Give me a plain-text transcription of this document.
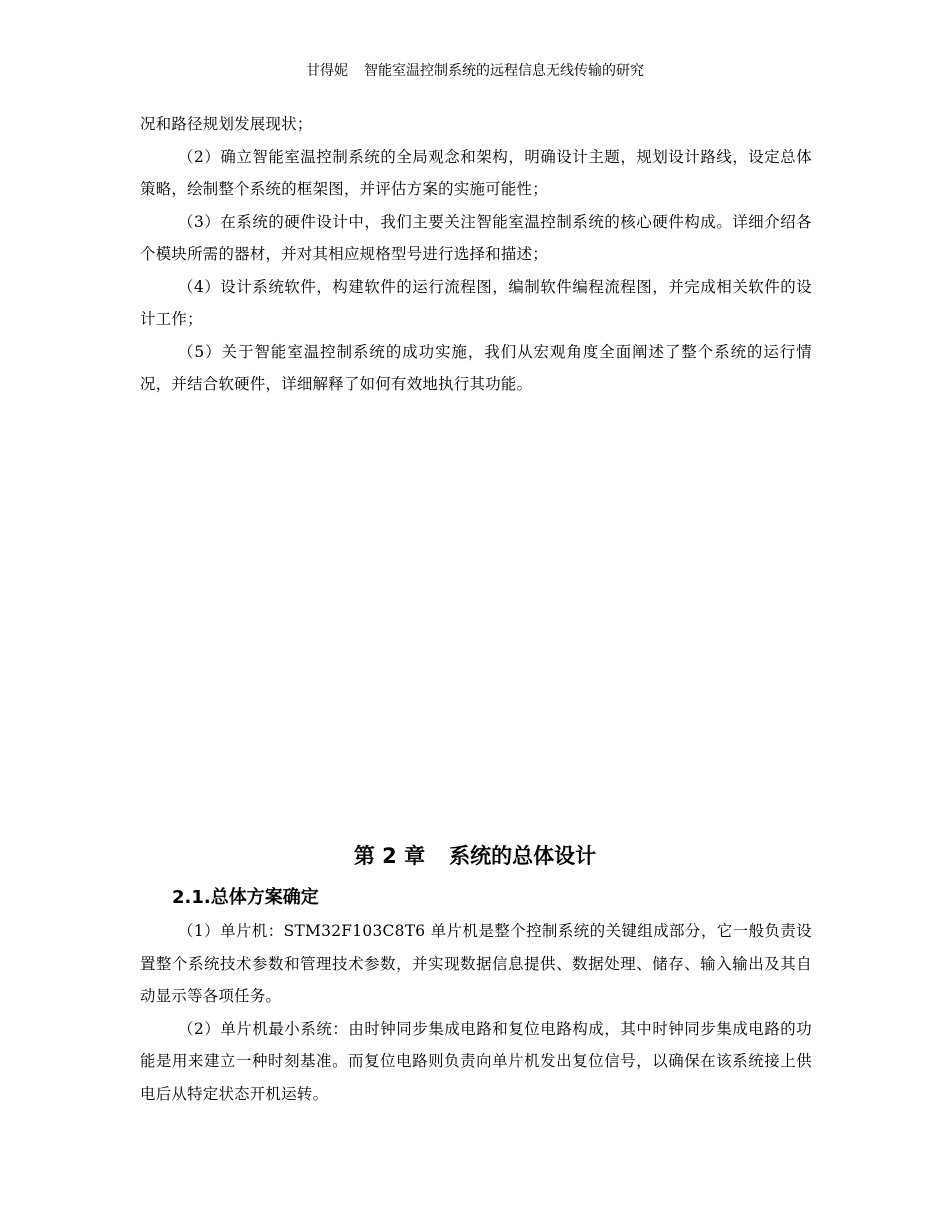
甘得妮 智能室温控制系统的远程信息无线传输的研究

况和路径规划发展现状；

（2）确立智能室温控制系统的全局观念和架构，明确设计主题，规划设计路线，设定总体策略，绘制整个系统的框架图，并评估方案的实施可能性；

（3）在系统的硬件设计中，我们主要关注智能室温控制系统的核心硬件构成。详细介绍各个模块所需的器材，并对其相应规格型号进行选择和描述；

（4）设计系统软件，构建软件的运行流程图，编制软件编程流程图，并完成相关软件的设计工作；

（5）关于智能室温控制系统的成功实施，我们从宏观角度全面阐述了整个系统的运行情况，并结合软硬件，详细解释了如何有效地执行其功能。

第 2 章 系统的总体设计
2.1.总体方案确定

（1）单片机：STM32F103C8T6 单片机是整个控制系统的关键组成部分，它一般负责设置整个系统技术参数和管理技术参数，并实现数据信息提供、数据处理、储存、输入输出及其自动显示等各项任务。

（2）单片机最小系统：由时钟同步集成电路和复位电路构成，其中时钟同步集成电路的功能是用来建立一种时刻基准。而复位电路则负责向单片机发出复位信号，以确保在该系统接上供电后从特定状态开机运转。
